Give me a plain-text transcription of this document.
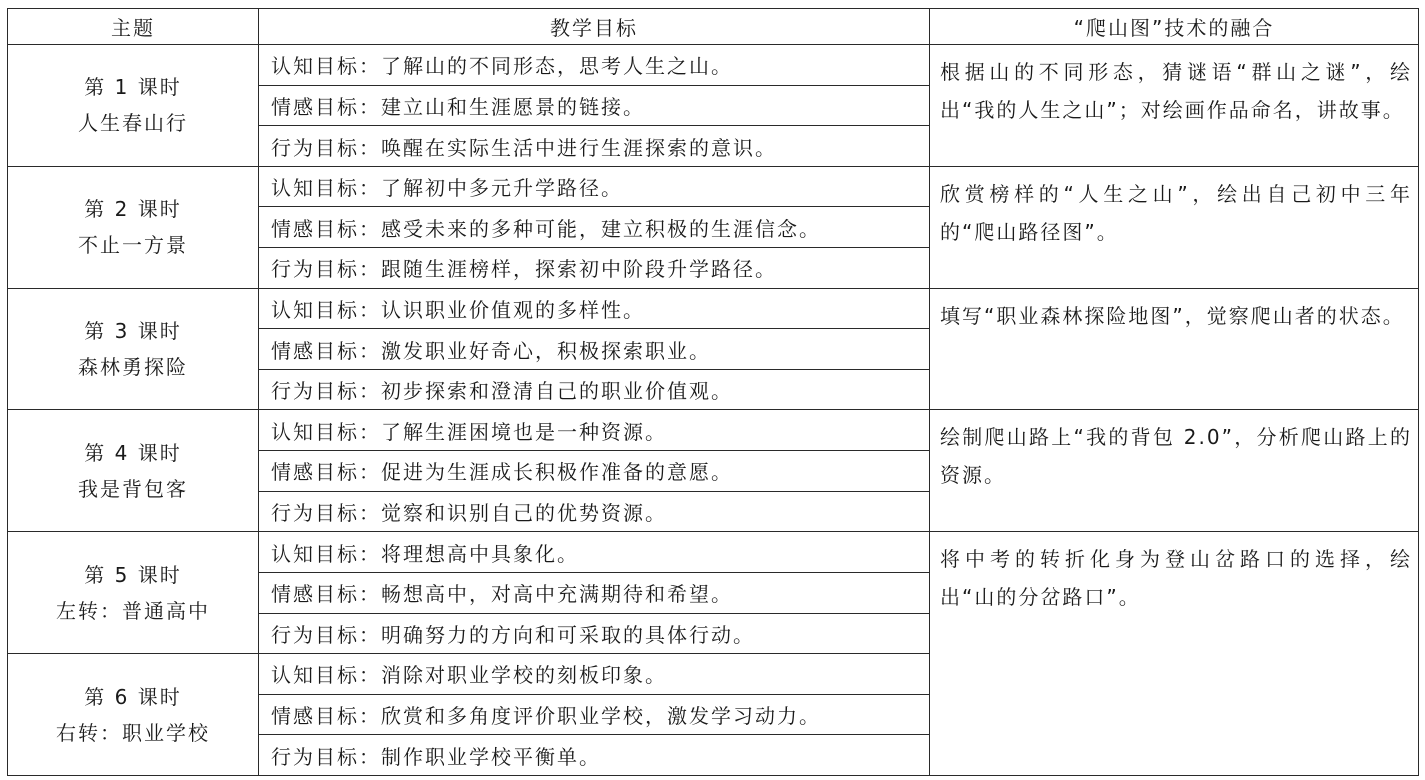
主题	教学目标	“爬山图”技术的融合

第 1 课时
人生春山行	认知目标：了解山的不同形态，思考人生之山。	根据山的不同形态，猜谜语“群山之谜”，绘出“我的人生之山”；对绘画作品命名，讲故事。
	情感目标：建立山和生涯愿景的链接。	
	行为目标：唤醒在实际生活中进行生涯探索的意识。	

第 2 课时
不止一方景	认知目标：了解初中多元升学路径。	欣赏榜样的“人生之山”，绘出自己初中三年的“爬山路径图”。
	情感目标：感受未来的多种可能，建立积极的生涯信念。	
	行为目标：跟随生涯榜样，探索初中阶段升学路径。	

第 3 课时
森林勇探险	认知目标：认识职业价值观的多样性。	填写“职业森林探险地图”，觉察爬山者的状态。
	情感目标：激发职业好奇心，积极探索职业。	
	行为目标：初步探索和澄清自己的职业价值观。	

第 4 课时
我是背包客	认知目标：了解生涯困境也是一种资源。	绘制爬山路上“我的背包 2.0”，分析爬山路上的资源。
	情感目标：促进为生涯成长积极作准备的意愿。	
	行为目标：觉察和识别自己的优势资源。	

第 5 课时
左转：普通高中	认知目标：将理想高中具象化。	将中考的转折化身为登山岔路口的选择，绘出“山的分岔路口”。
	情感目标：畅想高中，对高中充满期待和希望。	
	行为目标：明确努力的方向和可采取的具体行动。	

第 6 课时
右转：职业学校	认知目标：消除对职业学校的刻板印象。	
	情感目标：欣赏和多角度评价职业学校，激发学习动力。	
	行为目标：制作职业学校平衡单。	
